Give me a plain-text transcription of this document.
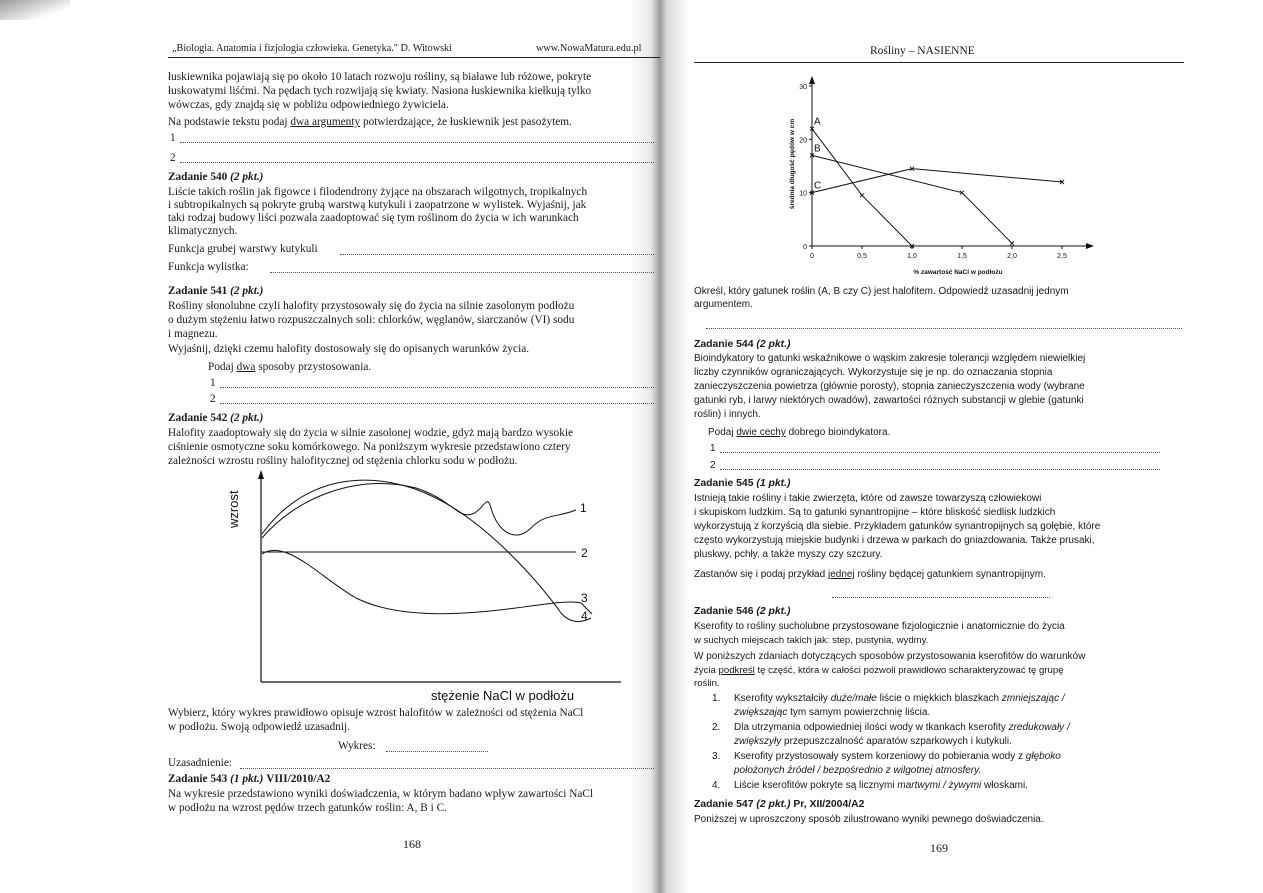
„Biologia. Anatomia i fizjologia człowieka. Genetyka." D. Witowski	www.NowaMatura.edu.pl
łuskiewnika pojawiają się po około 10 latach rozwoju rośliny, są białawe lub różowe, pokryte
łuskowatymi liśćmi. Na pędach tych rozwijają się kwiaty. Nasiona łuskiewnika kiełkują tylko
wówczas, gdy znajdą się w pobliżu odpowiedniego żywiciela.
Na podstawie tekstu podaj dwa argumenty potwierdzające, że łuskiewnik jest pasożytem.
1
2
Zadanie 540 (2 pkt.)
Liście takich roślin jak figowce i filodendrony żyjące na obszarach wilgotnych, tropikalnych
i subtropikalnych są pokryte grubą warstwą kutykuli i zaopatrzone w wylistek. Wyjaśnij, jak
taki rodzaj budowy liści pozwala zaadoptować się tym roślinom do życia w ich warunkach
klimatycznych.
Funkcja grubej warstwy kutykuli
Funkcja wylistka:
Zadanie 541 (2 pkt.)
Rośliny słonolubne czyli halofity przystosowały się do życia na silnie zasolonym podłożu
o dużym stężeniu łatwo rozpuszczalnych soli: chlorków, węglanów, siarczanów (VI) sodu
i magnezu.
Wyjaśnij, dzięki czemu halofity dostosowały się do opisanych warunków życia.
Podaj dwa sposoby przystosowania.
1
2
Zadanie 542 (2 pkt.)
Halofity zaadoptowały się do życia w silnie zasolonej wodzie, gdyż mają bardzo wysokie
ciśnienie osmotyczne soku komórkowego. Na poniższym wykresie przedstawiono cztery
zależności wzrostu rośliny halofitycznej od stężenia chlorku sodu w podłożu.
wzrost	1
2
3
4
stężenie NaCl w podłożu
Wybierz, który wykres prawidłowo opisuje wzrost halofitów w zależności od stężenia NaCl
w podłożu. Swoją odpowiedź uzasadnij.
Wykres:
Uzasadnienie:
Zadanie 543 (1 pkt.) VIII/2010/A2
Na wykresie przedstawiono wyniki doświadczenia, w którym badano wpływ zawartości NaCl
w podłożu na wzrost pędów trzech gatunków roślin: A, B i C.
168
Rośliny – NASIENNE
0	0,5	1,0	1,5	2,0	2,5
0
10
20
30
A
B
C
% zawartość NaCl w podłożu
średnia długość pędów w cm
Określ, który gatunek roślin (A, B czy C) jest halofitem. Odpowiedź uzasadnij jednym
argumentem.
Zadanie 544 (2 pkt.)
Bioindykatory to gatunki wskaźnikowe o wąskim zakresie tolerancji względem niewielkiej
liczby czynników ograniczających. Wykorzystuje się je np. do oznaczania stopnia
zanieczyszczenia powietrza (głównie porosty), stopnia zanieczyszczenia wody (wybrane
gatunki ryb, i larwy niektórych owadów), zawartości różnych substancji w glebie (gatunki
roślin) i innych.
Podaj dwie cechy dobrego bioindykatora.
1
2
Zadanie 545 (1 pkt.)
Istnieją takie rośliny i takie zwierzęta, które od zawsze towarzyszą człowiekowi
i skupiskom ludzkim. Są to gatunki synantropijne – które bliskość siedlisk ludzkich
wykorzystują z korzyścią dla siebie. Przykładem gatunków synantropijnych są gołębie, które
często wykorzystują miejskie budynki i drzewa w parkach do gniazdowania. Także prusaki,
pluskwy, pchły, a także myszy czy szczury.
Zastanów się i podaj przykład jednej rośliny będącej gatunkiem synantropijnym.
Zadanie 546 (2 pkt.)
Kserofity to rośliny sucholubne przystosowane fizjologicznie i anatomicznie do życia
w suchych miejscach takich jak: step, pustynia, wydmy.
W poniższych zdaniach dotyczących sposobów przystosowania kserofitów do warunków
życia podkreśl tę część, która w całości pozwoli prawidłowo scharakteryzować tę grupę
roślin.
1. Kserofity wykształciły duże/małe liście o miękkich blaszkach zmniejszając /
zwiększając tym samym powierzchnię liścia.
2. Dla utrzymania odpowiedniej ilości wody w tkankach kserofity zredukowały /
zwiększyły przepuszczalność aparatów szparkowych i kutykuli.
3. Kserofity przystosowały system korzeniowy do pobierania wody z głęboko
położonych źródeł / bezpośrednio z wilgotnej atmosfery.
4. Liście kserofitów pokryte są licznymi martwymi / żywymi włoskami.
Zadanie 547 (2 pkt.) Pr, XII/2004/A2
Poniższej w uproszczony sposób zilustrowano wyniki pewnego doświadczenia.
169
